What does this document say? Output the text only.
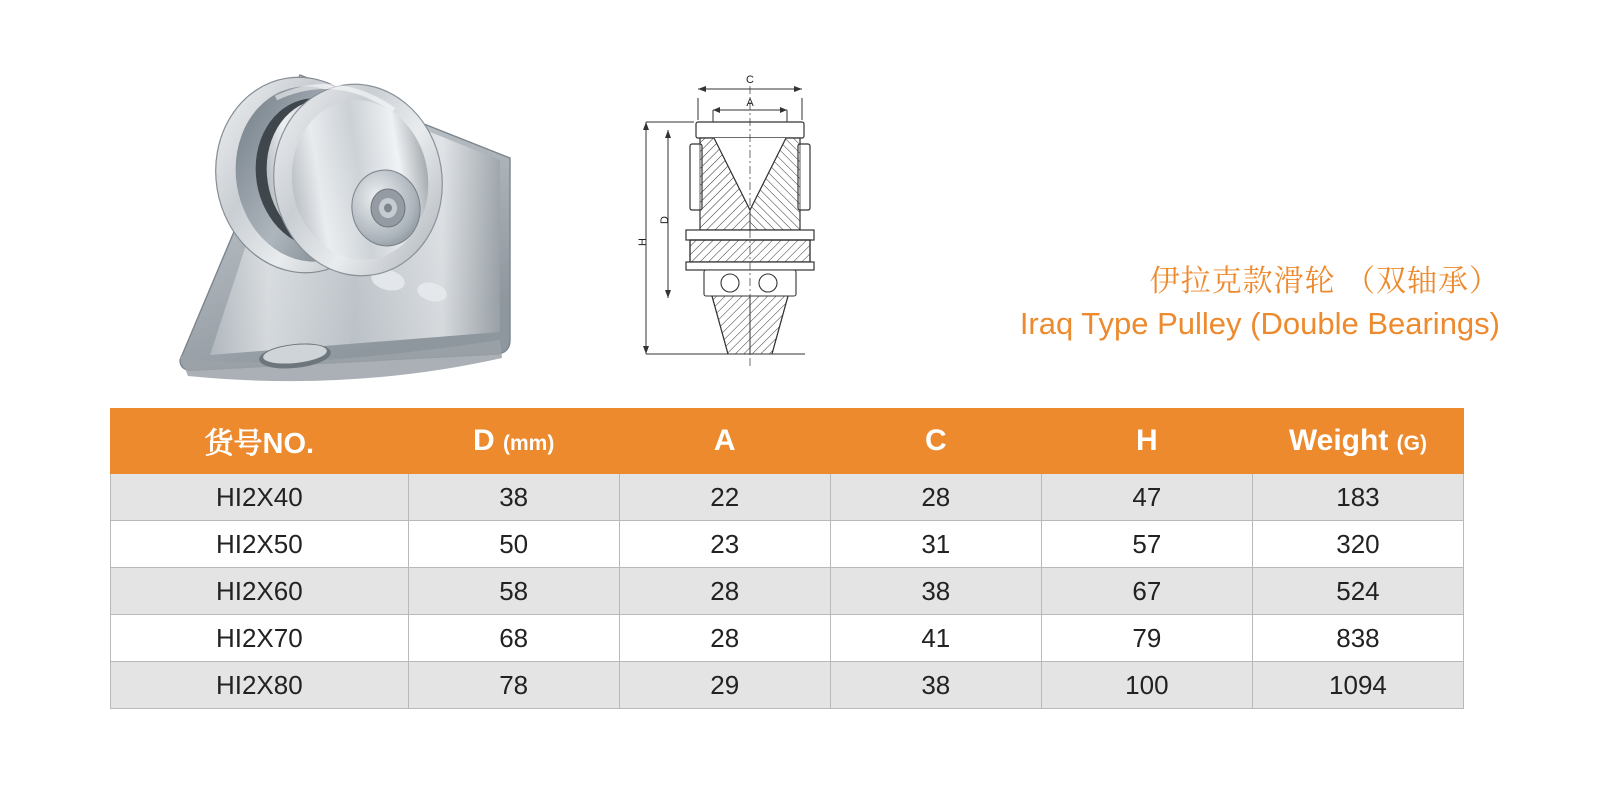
C
A
H
D
伊拉克款滑轮 （双轴承）
Iraq Type Pulley (Double Bearings)
货号NO.	D (mm)	A	C	H	Weight (G)
HI2X40	38	22	28	47	183
HI2X50	50	23	31	57	320
HI2X60	58	28	38	67	524
HI2X70	68	28	41	79	838
HI2X80	78	29	38	100	1094
